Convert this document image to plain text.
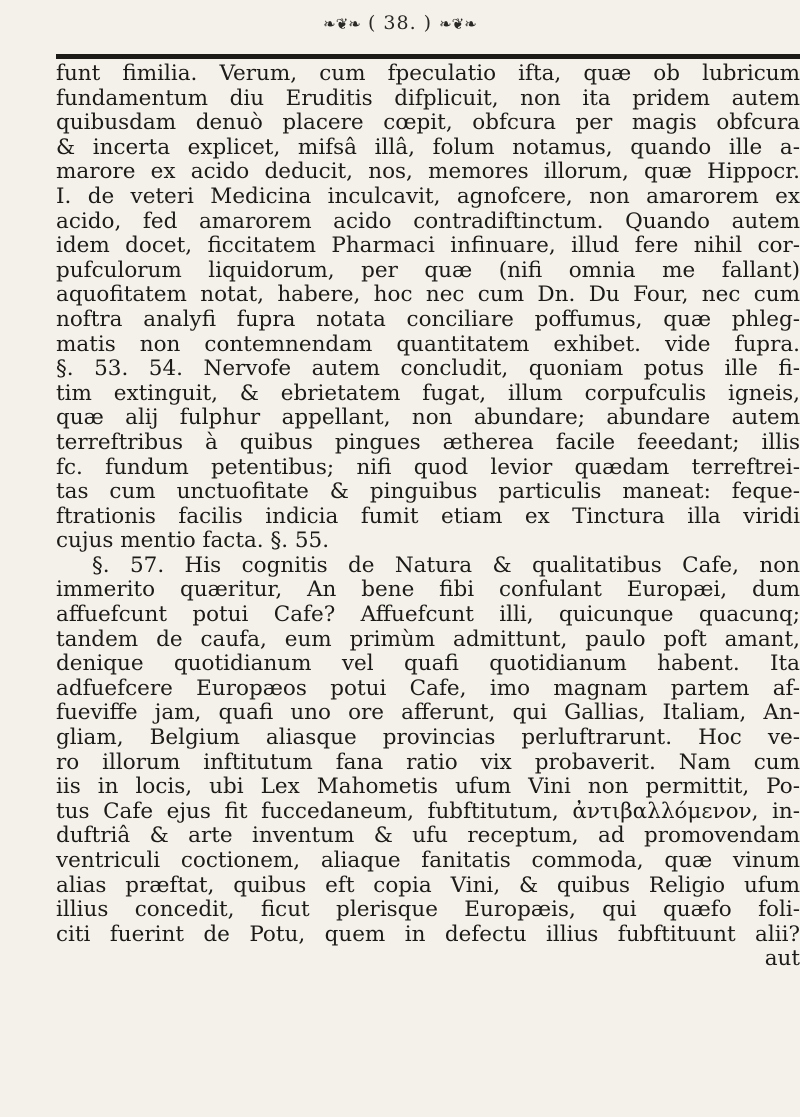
❧❦❧ ( 38. ) ❧❦❧
funt fimilia. Verum, cum fpeculatio ifta, quæ ob lubricum
fundamentum diu Eruditis difplicuit, non ita pridem autem
quibusdam denuò placere cœpit, obfcura per magis obfcura
& incerta explicet, mifsâ illâ, folum notamus, quando ille a-
marore ex acido deducit, nos, memores illorum, quæ Hippocr.
I. de veteri Medicina inculcavit, agnofcere, non amarorem ex
acido, fed amarorem acido contradiftinctum. Quando autem
idem docet, ficcitatem Pharmaci infinuare, illud fere nihil cor-
pufculorum liquidorum, per quæ (nifi omnia me fallant)
aquofitatem notat, habere, hoc nec cum Dn. Du Four, nec cum
noftra analyfi fupra notata conciliare poffumus, quæ phleg-
matis non contemnendam quantitatem exhibet. vide fupra.
§. 53. 54. Nervofe autem concludit, quoniam potus ille fi-
tim extinguit, & ebrietatem fugat, illum corpufculis igneis,
quæ alij fulphur appellant, non abundare; abundare autem
terreftribus à quibus pingues ætherea facile feeedant; illis
fc. fundum petentibus; nifi quod levior quædam terreftrei-
tas cum unctuofitate & pinguibus particulis maneat: feque-
ftrationis facilis indicia fumit etiam ex Tinctura illa viridi
cujus mentio facta. §. 55.
§. 57. His cognitis de Natura & qualitatibus Cafe, non
immerito quæritur, An bene fibi confulant Europæi, dum
affuefcunt potui Cafe? Affuefcunt illi, quicunque quacunq;
tandem de caufa, eum primùm admittunt, paulo poft amant,
denique quotidianum vel quafi quotidianum habent. Ita
adfuefcere Europæos potui Cafe, imo magnam partem af-
fueviffe jam, quafi uno ore afferunt, qui Gallias, Italiam, An-
gliam, Belgium aliasque provincias perluftrarunt. Hoc ve-
ro illorum inftitutum fana ratio vix probaverit. Nam cum
iis in locis, ubi Lex Mahometis ufum Vini non permittit, Po-
tus Cafe ejus fit fuccedaneum, fubftitutum, ἀντιβαλλόμενον, in-
duftriâ & arte inventum & ufu receptum, ad promovendam
ventriculi coctionem, aliaque fanitatis commoda, quæ vinum
alias præftat, quibus eft copia Vini, & quibus Religio ufum
illius concedit, ficut plerisque Europæis, qui quæfo foli-
citi fuerint de Potu, quem in defectu illius fubftituunt alii?
aut
